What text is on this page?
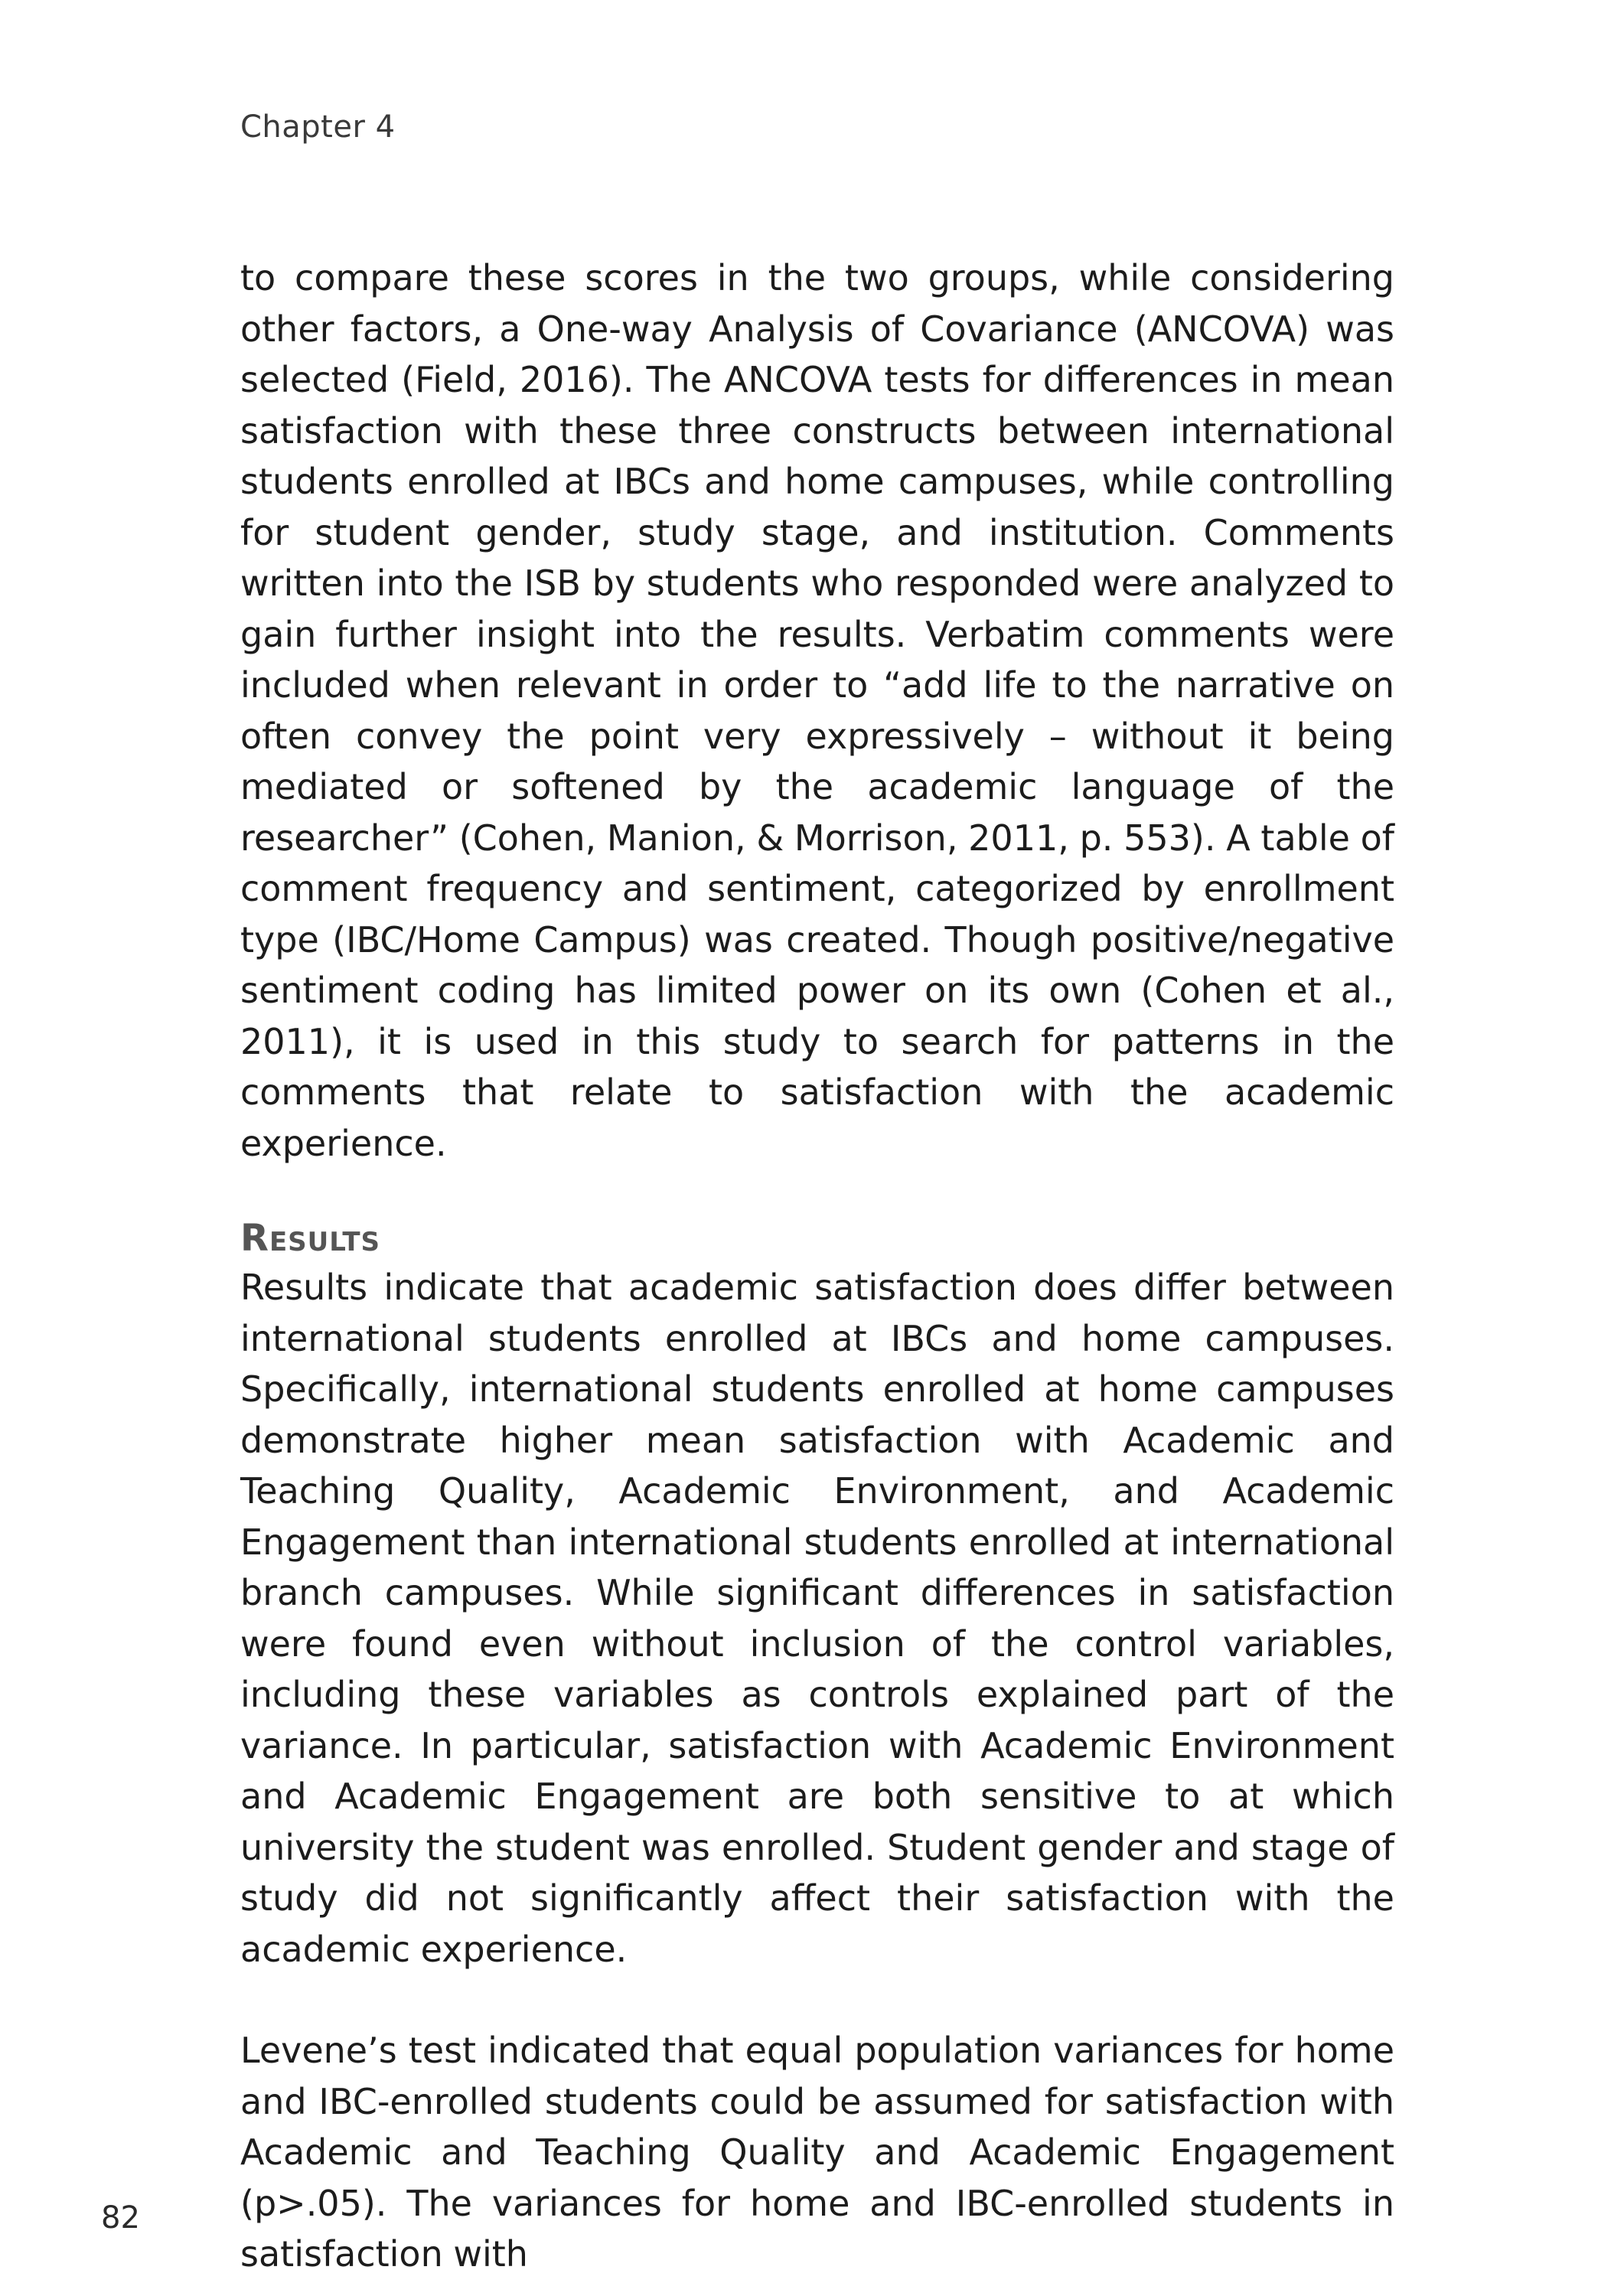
Chapter 4

to compare these scores in the two groups, while considering other factors, a One-way Analysis of Covariance (ANCOVA) was selected (Field, 2016). The ANCOVA tests for differences in mean satisfaction with these three constructs between international students enrolled at IBCs and home campuses, while controlling for student gender, study stage, and institution. Comments written into the ISB by students who responded were analyzed to gain further insight into the results. Verbatim comments were included when relevant in order to “add life to the narrative on often convey the point very expressively – without it being mediated or softened by the academic language of the researcher” (Cohen, Manion, & Morrison, 2011, p. 553). A table of comment frequency and sentiment, categorized by enrollment type (IBC/Home Campus) was created. Though positive/negative sentiment coding has limited power on its own (Cohen et al., 2011), it is used in this study to search for patterns in the comments that relate to satisfaction with the academic experience.

Results

Results indicate that academic satisfaction does differ between international students enrolled at IBCs and home campuses. Specifically, international students enrolled at home campuses demonstrate higher mean satisfaction with Academic and Teaching Quality, Academic Environment, and Academic Engagement than international students enrolled at international branch campuses. While significant differences in satisfaction were found even without inclusion of the control variables, including these variables as controls explained part of the variance. In particular, satisfaction with Academic Environment and Academic Engagement are both sensitive to at which university the student was enrolled. Student gender and stage of study did not significantly affect their satisfaction with the academic experience.

Levene’s test indicated that equal population variances for home and IBC-enrolled students could be assumed for satisfaction with Academic and Teaching Quality and Academic Engagement (p>.05). The variances for home and IBC-enrolled students in satisfaction with

82
